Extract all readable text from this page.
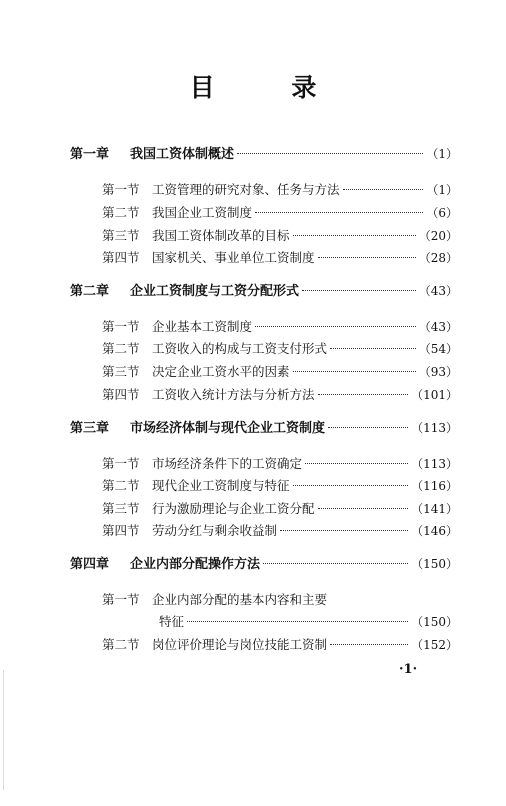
目 录
第一章	我国工资体制概述	（1）
第一节 工资管理的研究对象、任务与方法	（1）
第二节 我国企业工资制度	（6）
第三节 我国工资体制改革的目标	（20）
第四节 国家机关、事业单位工资制度	（28）
第二章	企业工资制度与工资分配形式	（43）
第一节 企业基本工资制度	（43）
第二节 工资收入的构成与工资支付形式	（54）
第三节 决定企业工资水平的因素	（93）
第四节 工资收入统计方法与分析方法	（101）
第三章	市场经济体制与现代企业工资制度	（113）
第一节 市场经济条件下的工资确定	（113）
第二节 现代企业工资制度与特征	（116）
第三节 行为激励理论与企业工资分配	（141）
第四节 劳动分红与剩余收益制	（146）
第四章	企业内部分配操作方法	（150）
第一节 企业内部分配的基本内容和主要
特征	（150）
第二节 岗位评价理论与岗位技能工资制	（152）
·1·
